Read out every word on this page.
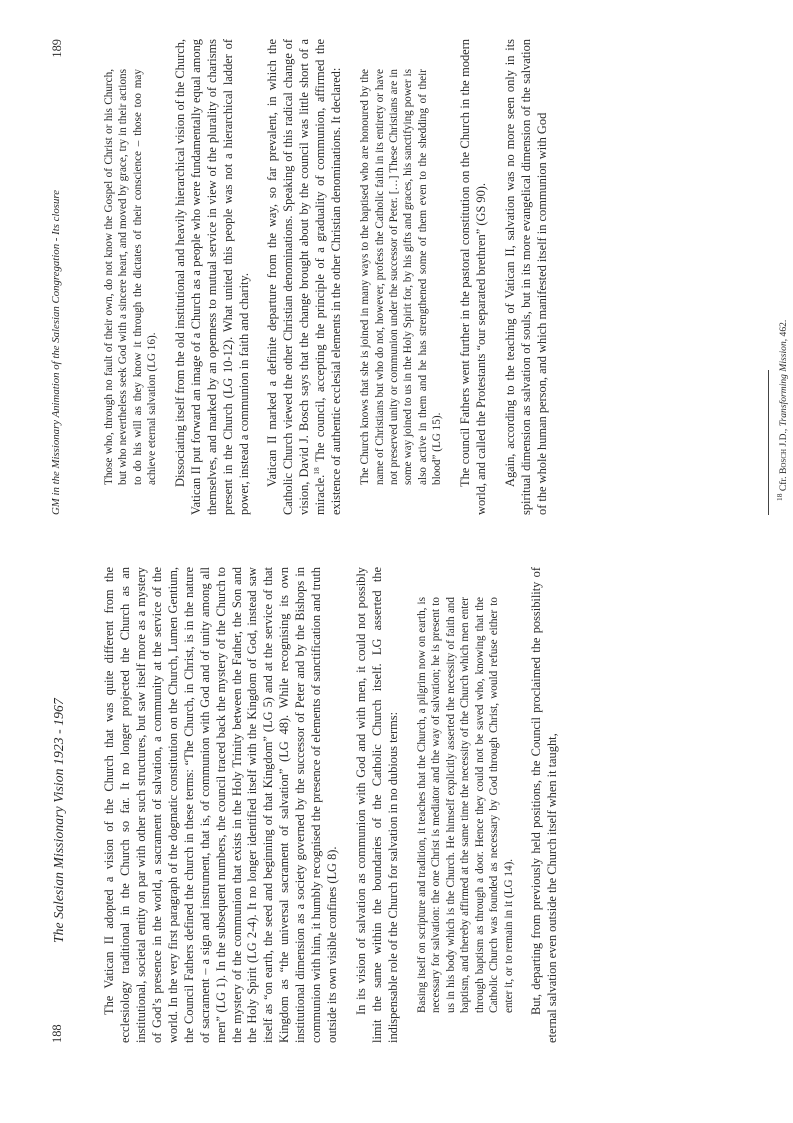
188
The Salesian Missionary Vision 1923 - 1967	The Vatican II adopted a vision of the Church that was quite different from the ecclesiology traditional in the Church so far. It no longer projected the Church as an institutional, societal entity on par with other such structures, but saw itself more as a mystery of God’s presence in the world, a sacrament of salvation, a community at the service of the world. In the very first paragraph of the dogmatic constitution on the Church, Lumen Gentium, the Council Fathers defined the church in these terms: “The Church, in Christ, is in the nature of sacrament – a sign and instrument, that is, of communion with God and of unity among all men” (LG 1). In the subsequent numbers, the council traced back the mystery of the Church to the mystery of the communion that exists in the Holy Trinity between the Father, the Son and the Holy Spirit (LG 2-4). It no longer identified itself with the Kingdom of God, instead saw itself as “on earth, the seed and beginning of that Kingdom” (LG 5) and at the service of that Kingdom as “the universal sacrament of salvation” (LG 48). While recognising its own institutional dimension as a society governed by the successor of Peter and by the Bishops in communion with him, it humbly recognised the presence of elements of sanctification and truth outside its own visible confines (LG 8). In its vision of salvation as communion with God and with men, it could not possibly limit the same within the boundaries of the Catholic Church itself. LG asserted the indispensable role of the Church for salvation in no dubious terms: Basing itself on scripture and tradition, it teaches that the Church, a pilgrim now on earth, is necessary for salvation: the one Christ is mediator and the way of salvation; he is present to us in his body which is the Church. He himself explicitly asserted the necessity of faith and baptism, and thereby affirmed at the same time the necessity of the Church which men enter through baptism as through a door. Hence they could not be saved who, knowing that the Catholic Church was founded as necessary by God through Christ, would refuse either to enter it, or to remain in it (LG 14). But, departing from previously held positions, the Council proclaimed the possibility of eternal salvation even outside the Church itself when it taught,

GM in the Missionary Animation of the Salesian Congregation - Its closure
189

Those who, through no fault of their own, do not know the Gospel of Christ or his Church, but who nevertheless seek God with a sincere heart, and moved by grace, try in their actions to do his will as they know it through the dictates of their conscience – those too may achieve eternal salvation (LG 16). Dissociating itself from the old institutional and heavily hierarchical vision of the Church, Vatican II put forward an image of a Church as a people who were fundamentally equal among themselves, and marked by an openness to mutual service in view of the plurality of charisms present in the Church (LG 10-12). What united this people was not a hierarchical ladder of power, instead a communion in faith and charity. Vatican II marked a definite departure from the way, so far prevalent, in which the Catholic Church viewed the other Christian denominations. Speaking of this radical change of vision, David J. Bosch says that the change brought about by the council was little short of a miracle.$^{18}$ The council, accepting the principle of a graduality of communion, affirmed the existence of authentic ecclesial elements in the other Christian denominations. It declared: The Church knows that she is joined in many ways to the baptised who are honoured by the name of Christians but who do not, however, profess the Catholic faith in its entirety or have not preserved unity or communion under the successor of Peter. […] These Christians are in some way joined to us in the Holy Spirit for, by his gifts and graces, his sanctifying power is also active in them and he has strengthened some of them even to the shedding of their blood” (LG 15). The council Fathers went further in the pastoral constitution on the Church in the modern world, and called the Protestants “our separated brethren” (GS 90). Again, according to the teaching of Vatican II, salvation was no more seen only in its spiritual dimension as salvation of souls, but in its more evangelical dimension of the salvation of the whole human person, and which manifested itself in communion with God	$^{18}$ Cfr. Bosch J.D., Transforming Mission, 462.
